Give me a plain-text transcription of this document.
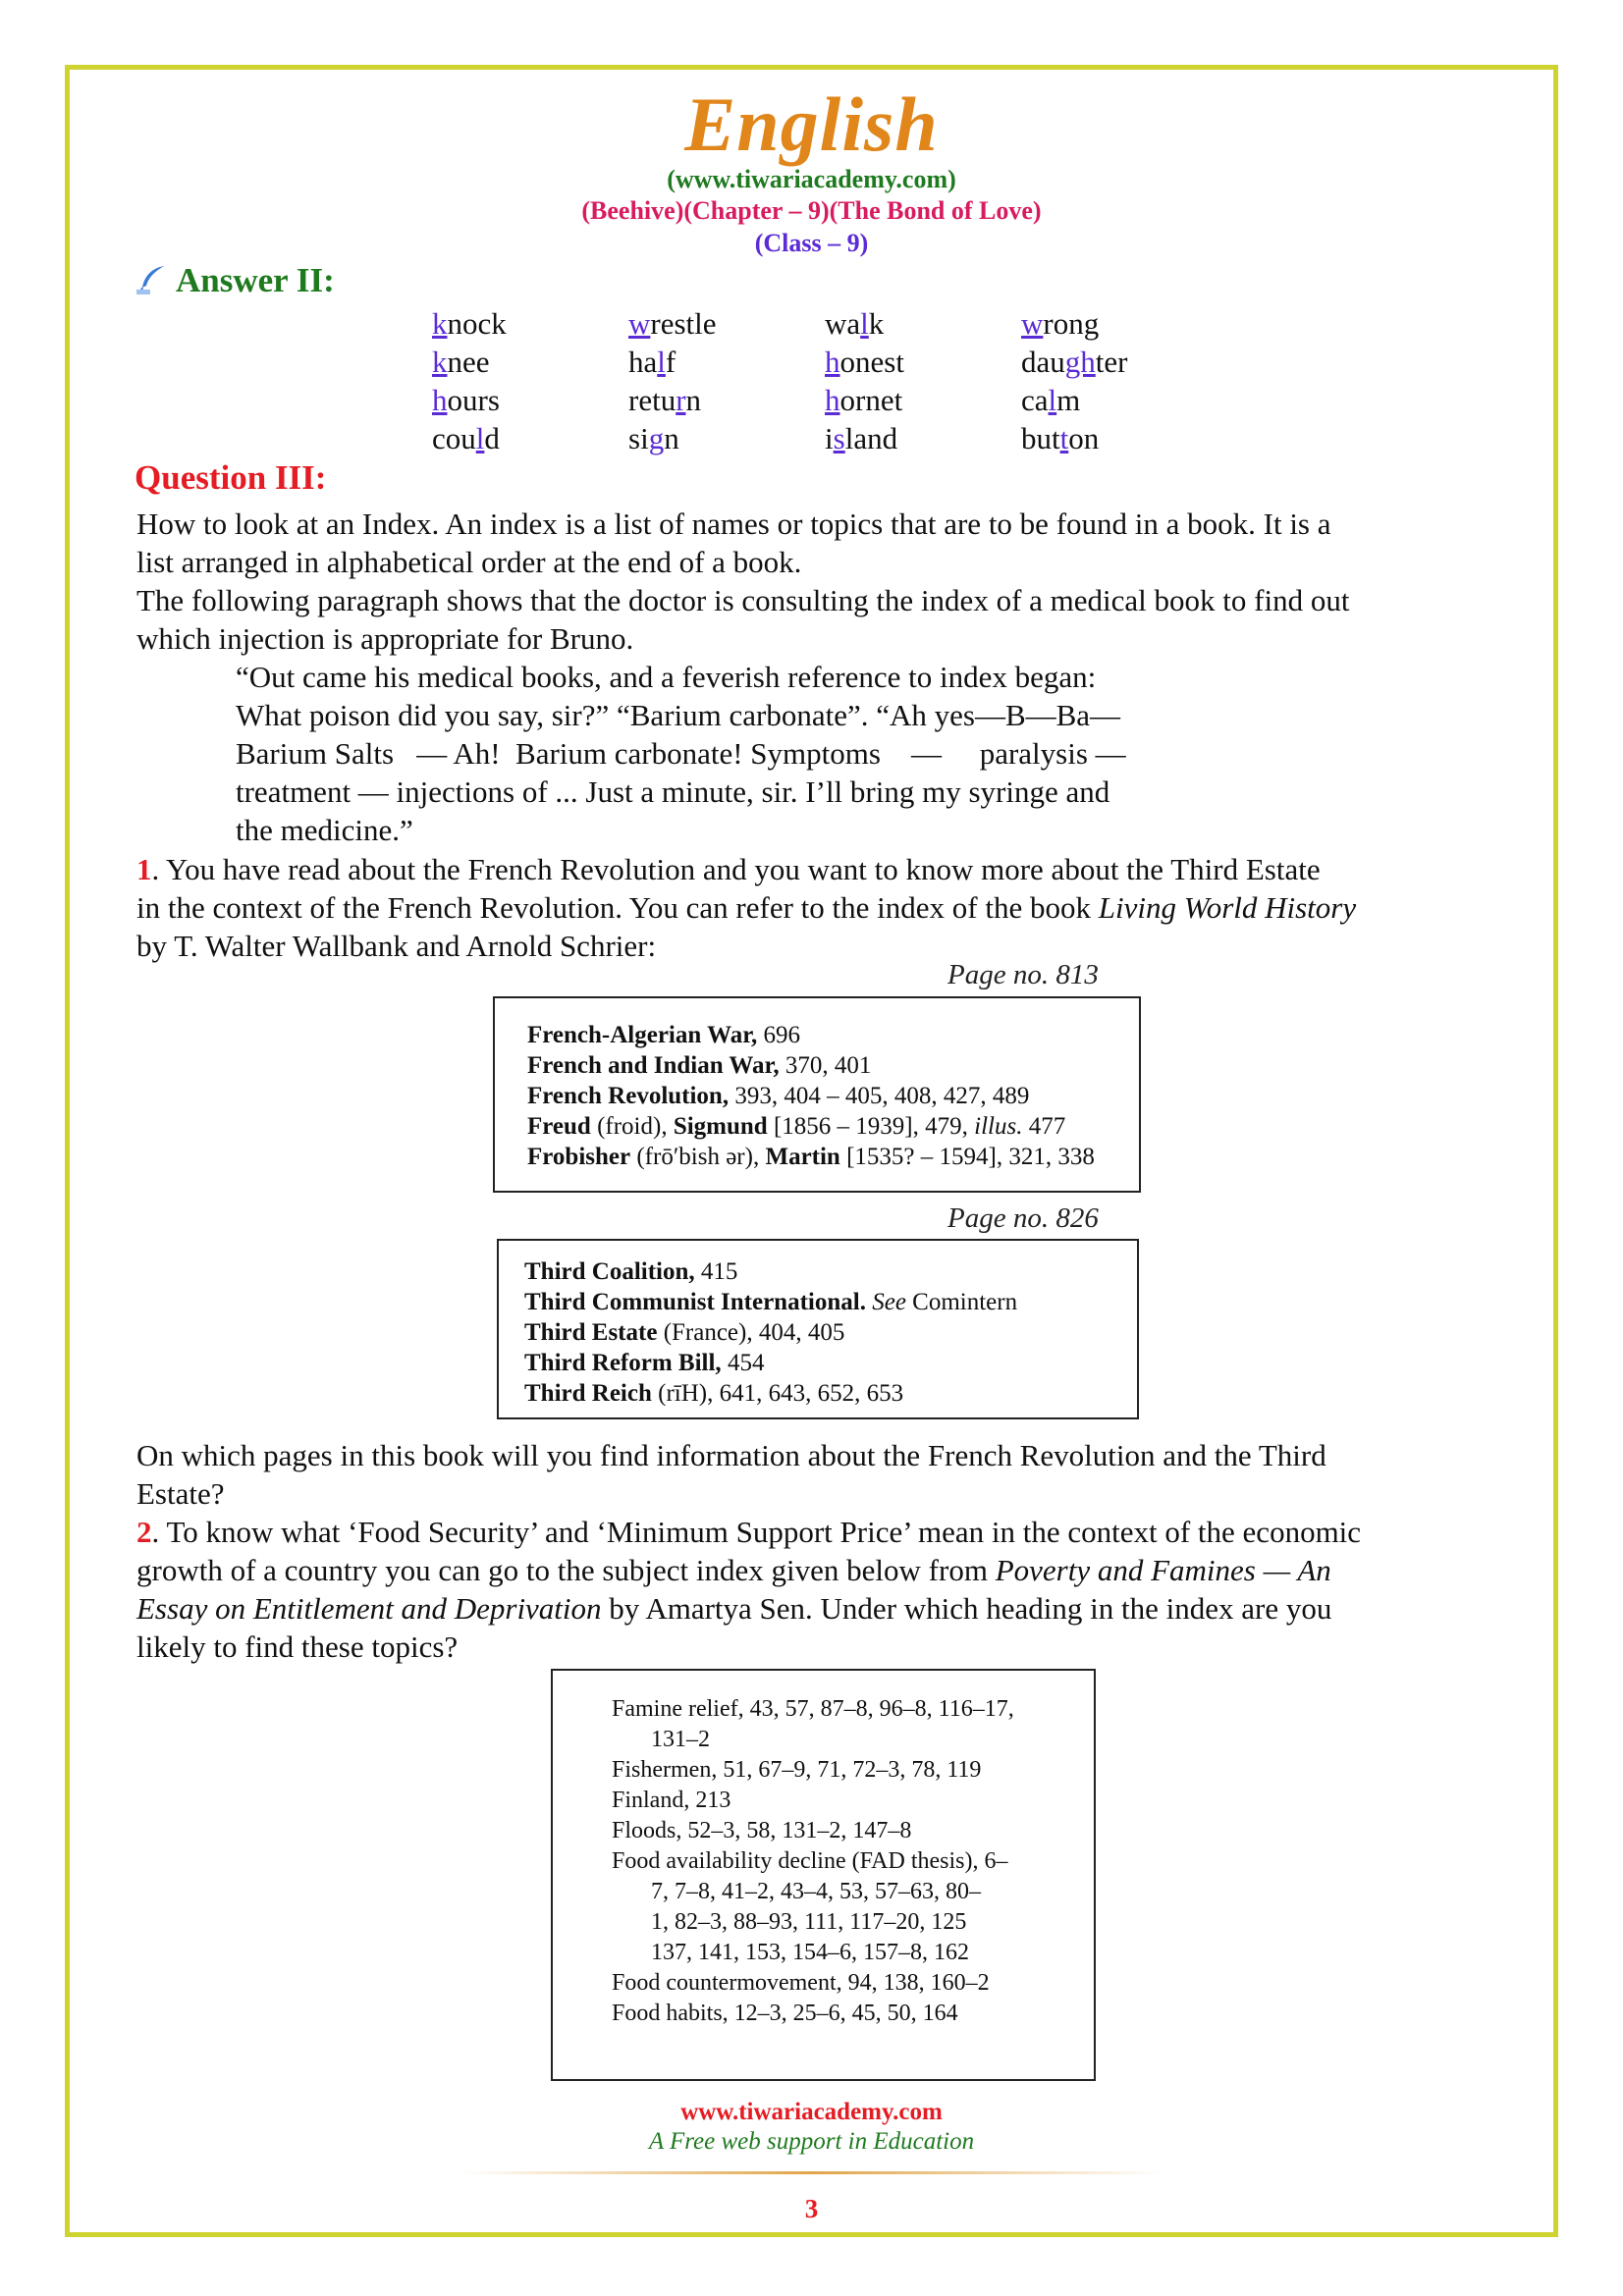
English
(www.tiwariacademy.com)
(Beehive)(Chapter – 9)(The Bond of Love)
(Class – 9)
Answer II:
knock	wrestle	walk	wrong
knee	half	honest	daughter
hours	return	hornet	calm
could	sign	island	button
Question III:
How to look at an Index. An index is a list of names or topics that are to be found in a book. It is a
list arranged in alphabetical order at the end of a book.
The following paragraph shows that the doctor is consulting the index of a medical book to find out
which injection is appropriate for Bruno.
“Out came his medical books, and a feverish reference to index began:
What poison did you say, sir?” “Barium carbonate”. “Ah yes—B—Ba—
Barium Salts   — Ah!  Barium carbonate! Symptoms    —     paralysis —
treatment — injections of ... Just a minute, sir. I’ll bring my syringe and
the medicine.”
1. You have read about the French Revolution and you want to know more about the Third Estate
in the context of the French Revolution. You can refer to the index of the book Living World History
by T. Walter Wallbank and Arnold Schrier:
Page no. 813
French-Algerian War, 696
French and Indian War, 370, 401
French Revolution, 393, 404 – 405, 408, 427, 489
Freud (froid), Sigmund [1856 – 1939], 479, illus. 477
Frobisher (frō′bish ər), Martin [1535? – 1594], 321, 338
Page no. 826
Third Coalition, 415
Third Communist International. See Comintern
Third Estate (France), 404, 405
Third Reform Bill, 454
Third Reich (rīH), 641, 643, 652, 653
On which pages in this book will you find information about the French Revolution and the Third
Estate?
2. To know what ‘Food Security’ and ‘Minimum Support Price’ mean in the context of the economic
growth of a country you can go to the subject index given below from Poverty and Famines — An
Essay on Entitlement and Deprivation by Amartya Sen. Under which heading in the index are you
likely to find these topics?
Famine relief, 43, 57, 87–8, 96–8, 116–17,
131–2
Fishermen, 51, 67–9, 71, 72–3, 78, 119
Finland, 213
Floods, 52–3, 58, 131–2, 147–8
Food availability decline (FAD thesis), 6–
7, 7–8, 41–2, 43–4, 53, 57–63, 80–
1, 82–3, 88–93, 111, 117–20, 125
137, 141, 153, 154–6, 157–8, 162
Food countermovement, 94, 138, 160–2
Food habits, 12–3, 25–6, 45, 50, 164
www.tiwariacademy.com
A Free web support in Education
3
